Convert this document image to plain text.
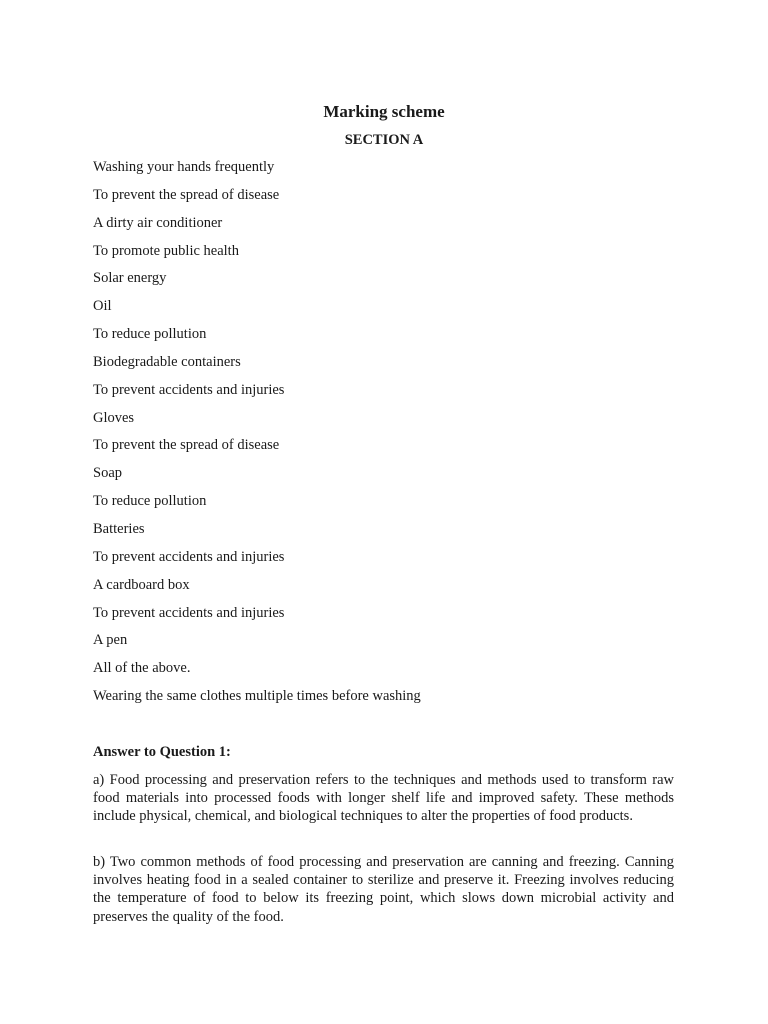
Marking scheme
SECTION A
Washing your hands frequently
To prevent the spread of disease
A dirty air conditioner
To promote public health
Solar energy
Oil
To reduce pollution
Biodegradable containers
To prevent accidents and injuries
Gloves
To prevent the spread of disease
Soap
To reduce pollution
Batteries
To prevent accidents and injuries
A cardboard box
To prevent accidents and injuries
A pen
All of the above.
Wearing the same clothes multiple times before washing
Answer to Question 1:
a) Food processing and preservation refers to the techniques and methods used to transform raw food materials into processed foods with longer shelf life and improved safety. These methods include physical, chemical, and biological techniques to alter the properties of food products.
b) Two common methods of food processing and preservation are canning and freezing. Canning involves heating food in a sealed container to sterilize and preserve it. Freezing involves reducing the temperature of food to below its freezing point, which slows down microbial activity and preserves the quality of the food.
